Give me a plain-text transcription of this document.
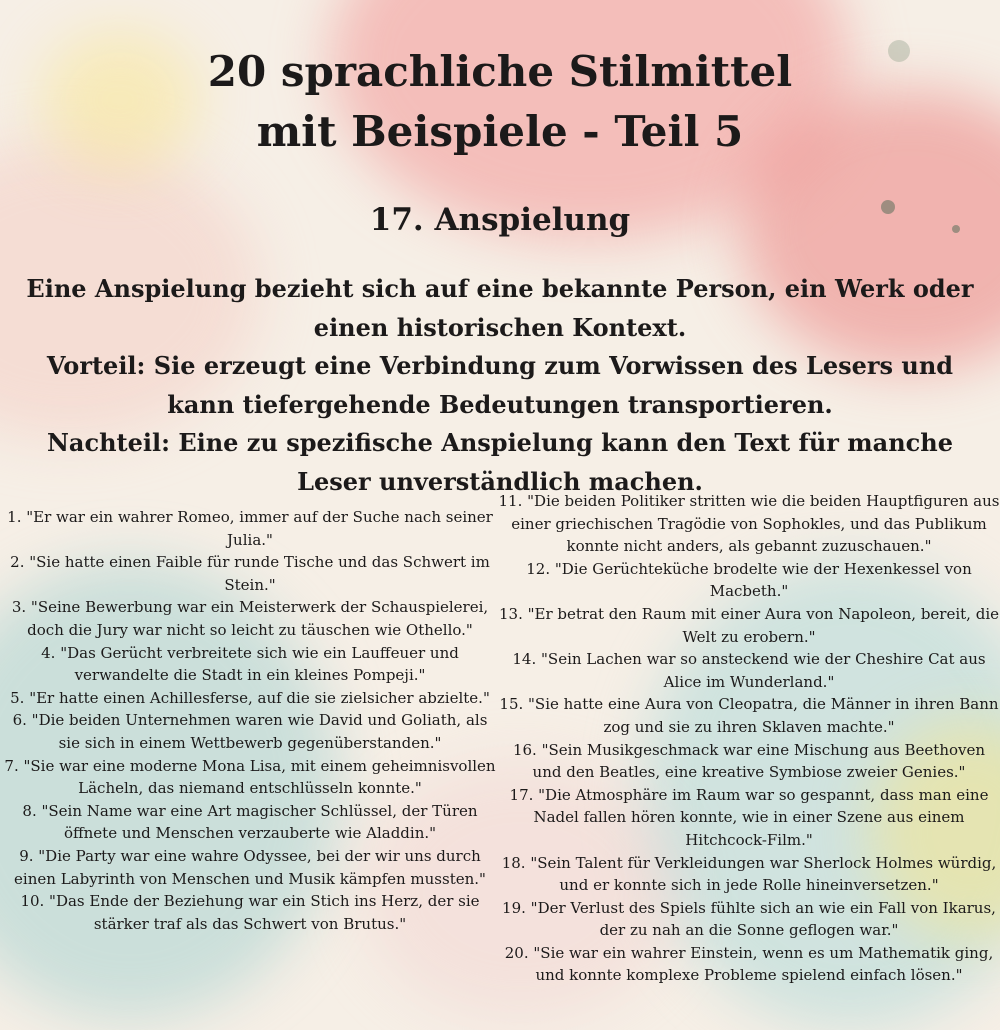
20 sprachliche Stilmittel
mit Beispiele - Teil 5
17. Anspielung

Eine Anspielung bezieht sich auf eine bekannte Person, ein Werk oder einen historischen Kontext.

Vorteil: Sie erzeugt eine Verbindung zum Vorwissen des Lesers und kann tiefergehende Bedeutungen transportieren.

Nachteil: Eine zu spezifische Anspielung kann den Text für manche Leser unverständlich machen.

1. "Er war ein wahrer Romeo, immer auf der Suche nach seiner Julia."

2. "Sie hatte einen Faible für runde Tische und das Schwert im Stein."

3. "Seine Bewerbung war ein Meisterwerk der Schauspielerei, doch die Jury war nicht so leicht zu täuschen wie Othello."

4. "Das Gerücht verbreitete sich wie ein Lauffeuer und verwandelte die Stadt in ein kleines Pompeji."

5. "Er hatte einen Achillesferse, auf die sie zielsicher abzielte."

6. "Die beiden Unternehmen waren wie David und Goliath, als sie sich in einem Wettbewerb gegenüberstanden."

7. "Sie war eine moderne Mona Lisa, mit einem geheimnisvollen Lächeln, das niemand entschlüsseln konnte."

8. "Sein Name war eine Art magischer Schlüssel, der Türen öffnete und Menschen verzauberte wie Aladdin."

9. "Die Party war eine wahre Odyssee, bei der wir uns durch einen Labyrinth von Menschen und Musik kämpfen mussten."

10. "Das Ende der Beziehung war ein Stich ins Herz, der sie stärker traf als das Schwert von Brutus."

11. "Die beiden Politiker stritten wie die beiden Hauptfiguren aus einer griechischen Tragödie von Sophokles, und das Publikum konnte nicht anders, als gebannt zuzuschauen."

12. "Die Gerüchteküche brodelte wie der Hexenkessel von Macbeth."

13. "Er betrat den Raum mit einer Aura von Napoleon, bereit, die Welt zu erobern."

14. "Sein Lachen war so ansteckend wie der Cheshire Cat aus Alice im Wunderland."

15. "Sie hatte eine Aura von Cleopatra, die Männer in ihren Bann zog und sie zu ihren Sklaven machte."

16. "Sein Musikgeschmack war eine Mischung aus Beethoven und den Beatles, eine kreative Symbiose zweier Genies."

17. "Die Atmosphäre im Raum war so gespannt, dass man eine Nadel fallen hören konnte, wie in einer Szene aus einem Hitchcock-Film."

18. "Sein Talent für Verkleidungen war Sherlock Holmes würdig, und er konnte sich in jede Rolle hineinversetzen."

19. "Der Verlust des Spiels fühlte sich an wie ein Fall von Ikarus, der zu nah an die Sonne geflogen war."

20. "Sie war ein wahrer Einstein, wenn es um Mathematik ging, und konnte komplexe Probleme spielend einfach lösen."
